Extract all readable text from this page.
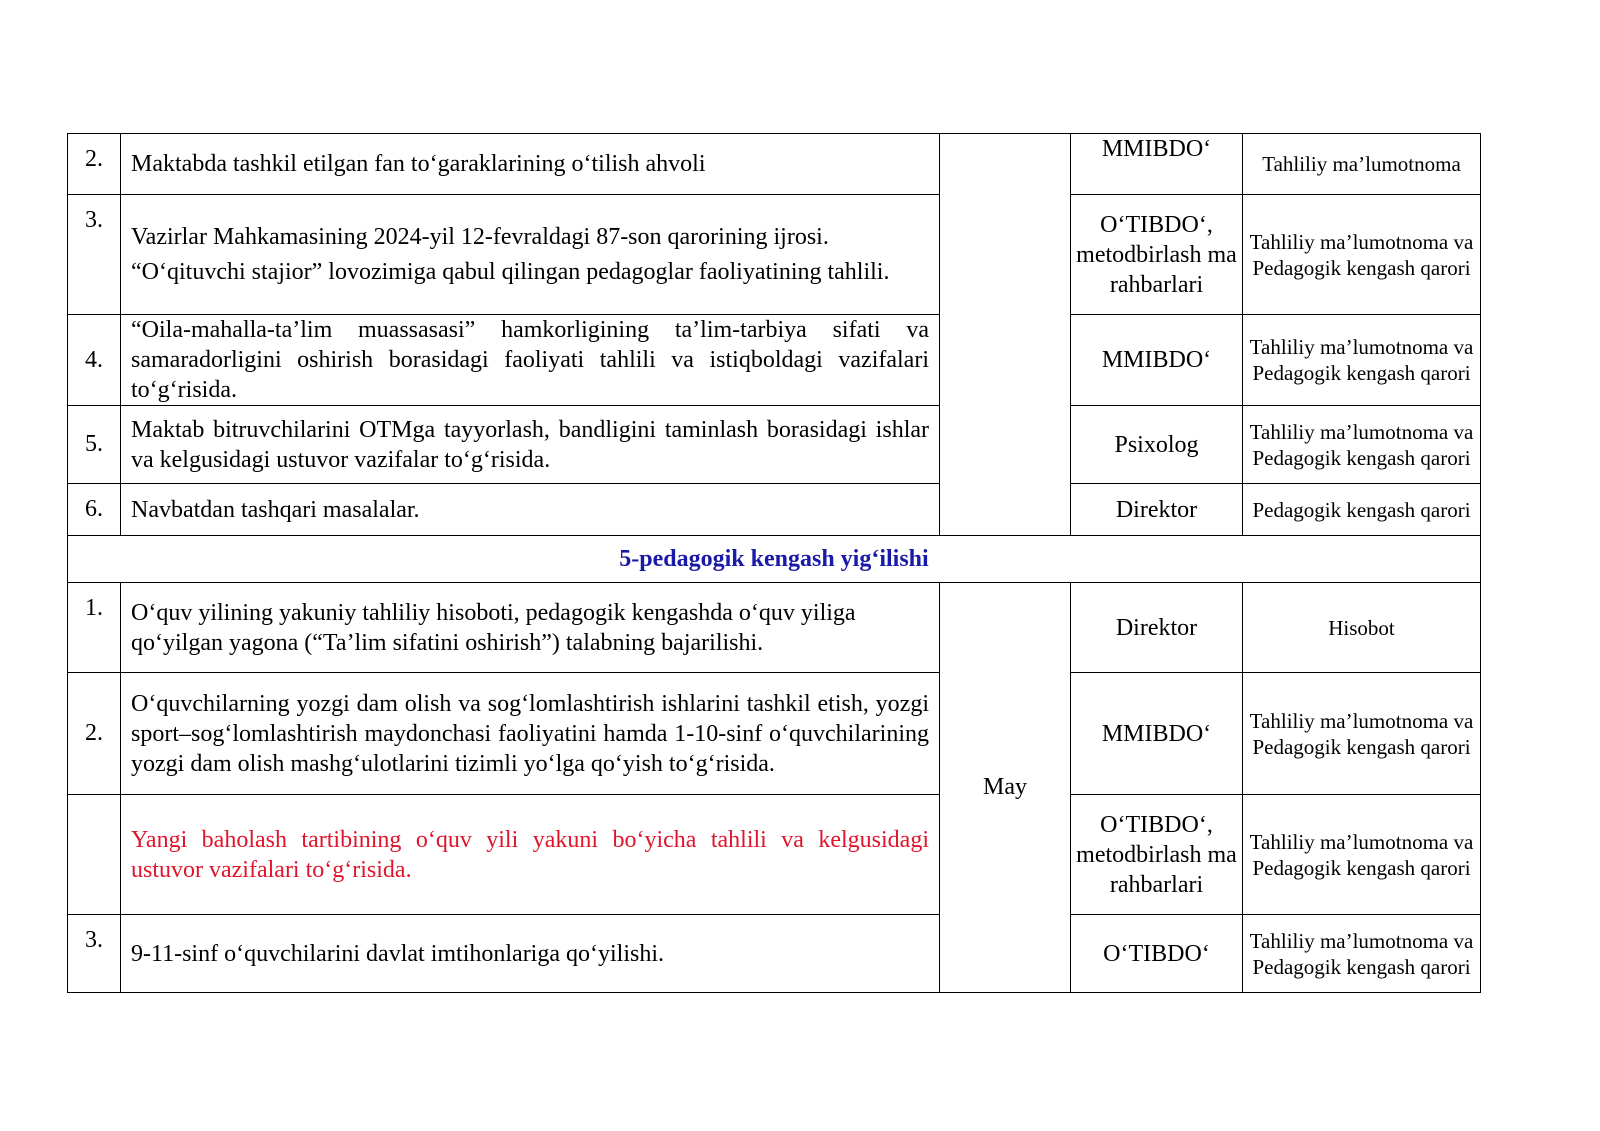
2.	Maktabda tashkil etilgan fan to‘garaklarining o‘tilish ahvoli		MMIBDO‘	Tahliliy ma’lumotnoma
3.	Vazirlar Mahkamasining 2024-yil 12-fevraldagi 87-son qarorining ijrosi. “O‘qituvchi stajior” lovozimiga qabul qilingan pedagoglar faoliyatining tahlili.		O‘TIBDO‘, metodbirlash ma rahbarlari	Tahliliy ma’lumotnoma va Pedagogik kengash qarori
4.	“Oila-mahalla-ta’lim muassasasi” hamkorligining ta’lim-tarbiya sifati va samaradorligini oshirish borasidagi faoliyati tahlili va istiqboldagi vazifalari to‘g‘risida.		MMIBDO‘	Tahliliy ma’lumotnoma va Pedagogik kengash qarori
5.	Maktab bitruvchilarini OTMga tayyorlash, bandligini taminlash borasidagi ishlar va kelgusidagi ustuvor vazifalar to‘g‘risida.		Psixolog	Tahliliy ma’lumotnoma va Pedagogik kengash qarori
6.	Navbatdan tashqari masalalar.		Direktor	Pedagogik kengash qarori
5-pedagogik kengash yig‘ilishi				
1.	O‘quv yilining yakuniy tahliliy hisoboti, pedagogik kengashda o‘quv yiliga qo‘yilgan yagona (“Ta’lim sifatini oshirish”) talabning bajarilishi.	May	Direktor	Hisobot
2.	O‘quvchilarning yozgi dam olish va sog‘lomlashtirish ishlarini tashkil etish, yozgi sport–sog‘lomlashtirish maydonchasi faoliyatini hamda 1-10-sinf o‘quvchilarining yozgi dam olish mashg‘ulotlarini tizimli yo‘lga qo‘yish to‘g‘risida.		MMIBDO‘	Tahliliy ma’lumotnoma va Pedagogik kengash qarori
	Yangi baholash tartibining o‘quv yili yakuni bo‘yicha tahlili va kelgusidagi ustuvor vazifalari to‘g‘risida.		O‘TIBDO‘, metodbirlash ma rahbarlari	Tahliliy ma’lumotnoma va Pedagogik kengash qarori
3.	9-11-sinf o‘quvchilarini davlat imtihonlariga qo‘yilishi.		O‘TIBDO‘	Tahliliy ma’lumotnoma va Pedagogik kengash qarori
